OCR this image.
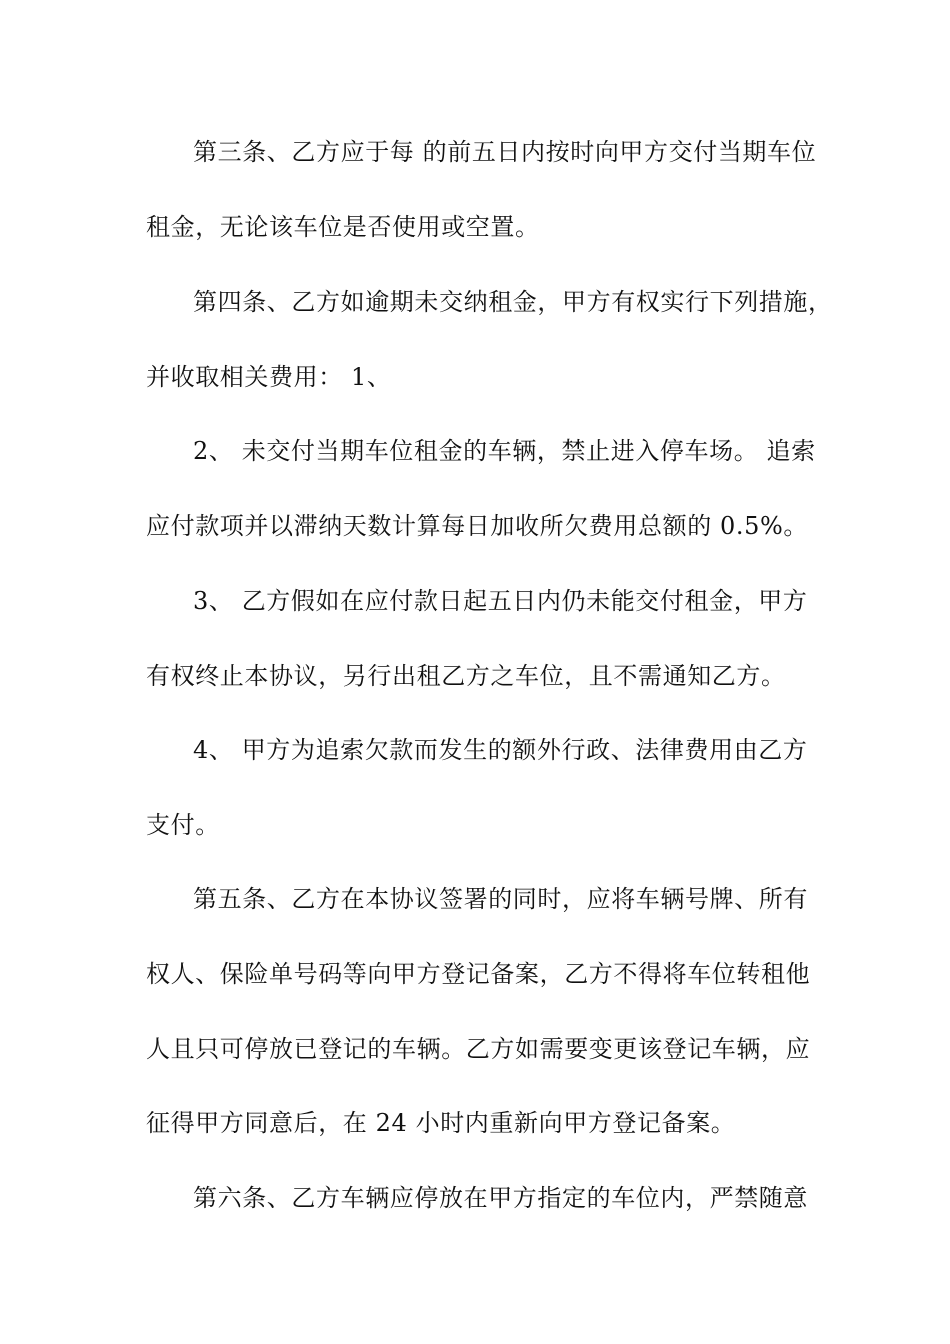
第三条、乙方应于每 的前五日内按时向甲方交付当期车位
租金，无论该车位是否使用或空置。
第四条、乙方如逾期未交纳租金，甲方有权实行下列措施，
并收取相关费用： 1、
2、 未交付当期车位租金的车辆，禁止进入停车场。 追索
应付款项并以滞纳天数计算每日加收所欠费用总额的 0.5%。
3、 乙方假如在应付款日起五日内仍未能交付租金，甲方
有权终止本协议，另行出租乙方之车位，且不需通知乙方。
4、 甲方为追索欠款而发生的额外行政、法律费用由乙方
支付。
第五条、乙方在本协议签署的同时，应将车辆号牌、所有
权人、保险单号码等向甲方登记备案，乙方不得将车位转租他
人且只可停放已登记的车辆。乙方如需要变更该登记车辆，应
征得甲方同意后，在 24 小时内重新向甲方登记备案。
第六条、乙方车辆应停放在甲方指定的车位内，严禁随意
